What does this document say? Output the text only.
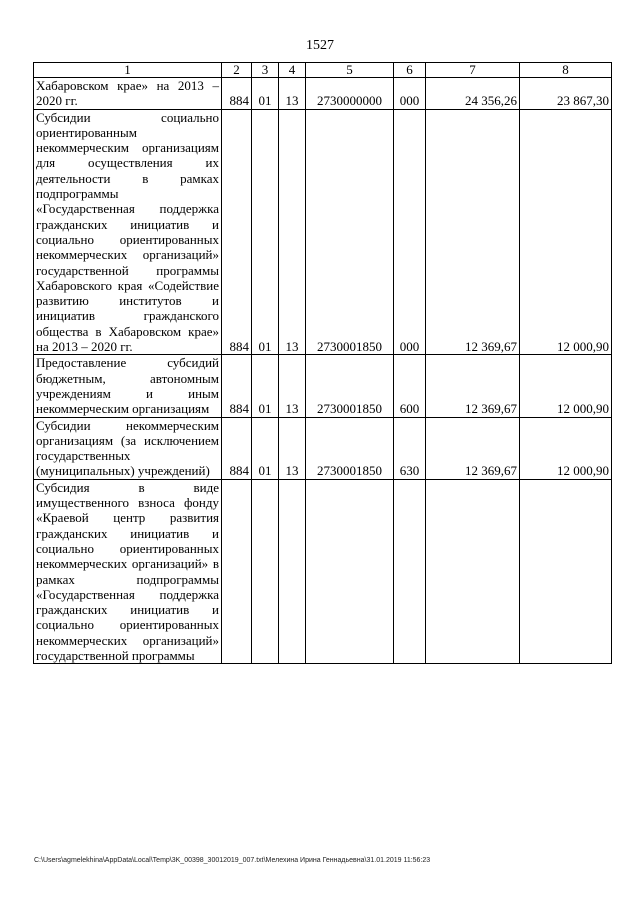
1527
1	2	3	4	5	6	7	8
Хабаровском крае» на 2013 – 2020 гг.	884	01	13	2730000000	000	24 356,26	23 867,30
Субсидии социально ориентированным некоммерческим организациям для осуществления их деятельности в рамках подпрограммы «Государственная поддержка гражданских инициатив и социально ориентированных некоммерческих организаций» государственной программы Хабаровского края «Содействие развитию институтов и инициатив гражданского общества в Хабаровском крае» на 2013 – 2020 гг.	884	01	13	2730001850	000	12 369,67	12 000,90
Предоставление субсидий бюджетным, автономным учреждениям и иным некоммерческим организациям	884	01	13	2730001850	600	12 369,67	12 000,90
Субсидии некоммерческим организациям (за исключением государственных (муниципальных) учреждений)	884	01	13	2730001850	630	12 369,67	12 000,90
Субсидия в виде имущественного взноса фонду «Краевой центр развития гражданских инициатив и социально ориентированных некоммерческих организаций» в рамках подпрограммы «Государственная поддержка гражданских инициатив и социально ориентированных некоммерческих организаций» государственной программы							
C:\Users\agmelekhina\AppData\Local\Temp\3K_00398_30012019_007.txt\Мелехина Ирина Геннадьевна\31.01.2019 11:56:23
